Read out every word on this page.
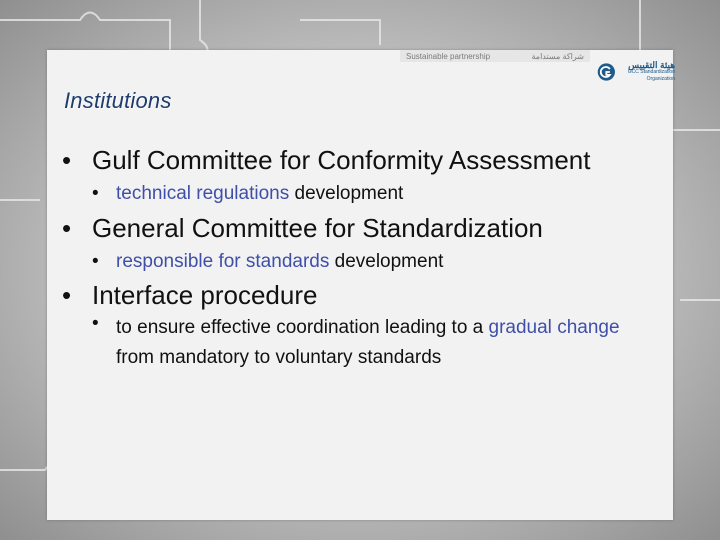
Sustainable partnership	شراكة مستدامة
هيئة التقييس
GCC Standardization Organization
Institutions
• Gulf Committee for Conformity Assessment
• technical regulations development
• General Committee for Standardization
• responsible for standards development
• Interface procedure
• to ensure effective coordination leading to a gradual change from mandatory to voluntary standards
